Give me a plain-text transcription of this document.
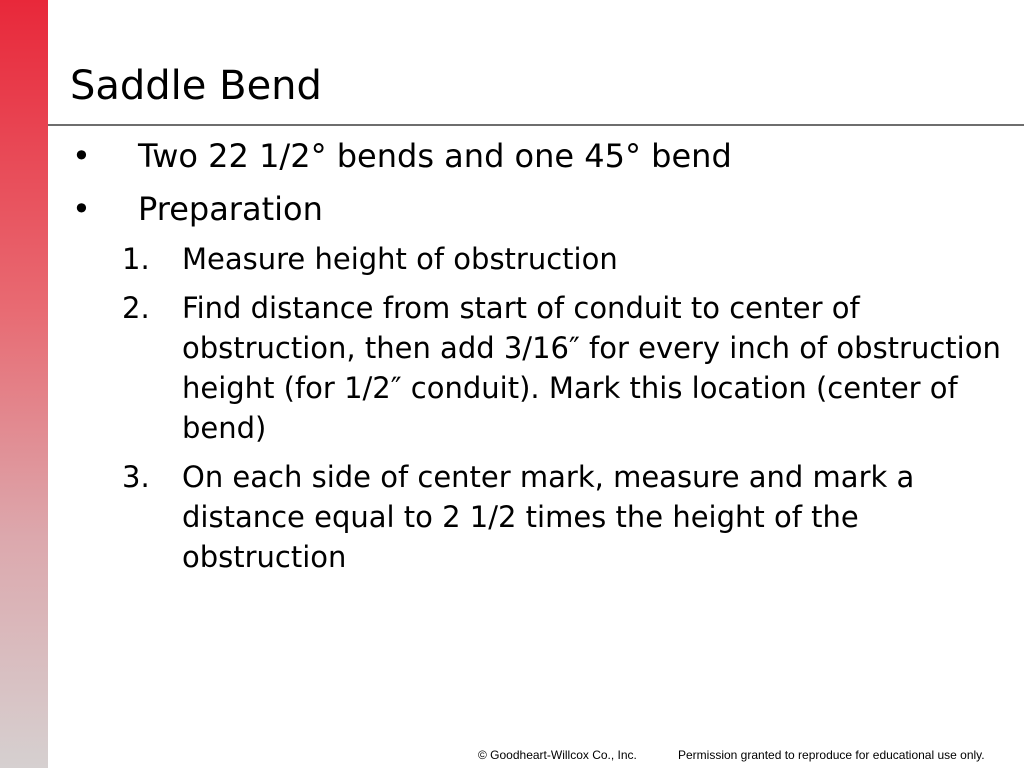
Saddle Bend
• Two 22 1/2° bends and one 45° bend
• Preparation
1. Measure height of obstruction
2. Find distance from start of conduit to center of obstruction, then add 3/16″ for every inch of obstruction height (for 1/2″ conduit). Mark this location (center of bend)
3. On each side of center mark, measure and mark a distance equal to 2 1/2 times the height of the obstruction
© Goodheart-Willcox Co., Inc.	Permission granted to reproduce for educational use only.
